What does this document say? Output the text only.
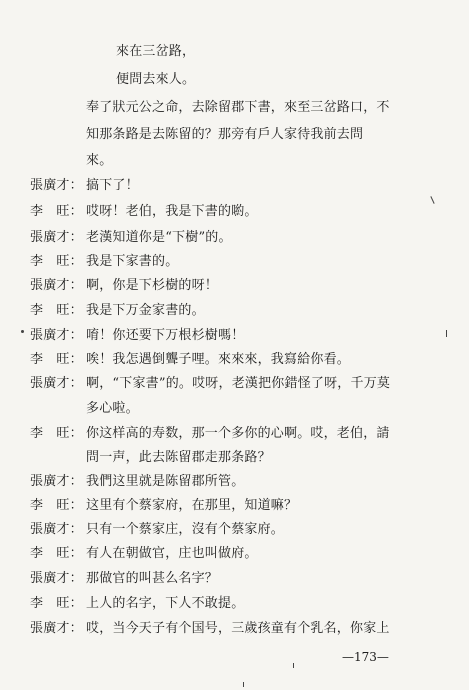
來在三岔路，
便問去來人。
奉了狀元公之命，去除留郡下書，來至三岔路口，不
知那条路是去陈留的？那旁有戶人家待我前去問
來。
張廣才： 搞下了！
李　旺： 哎呀！老伯，我是下書的喲。
張廣才： 老漢知道你是“下樹”的。
李　旺： 我是下家書的。
張廣才： 啊，你是下杉樹的呀！
李　旺： 我是下万金家書的。
張廣才： 唷！你还要下万根杉樹嗎！
李　旺： 唉！我怎遇倒聾子哩。來來來，我寫給你看。
張廣才： 啊，“下家書”的。哎呀，老漢把你錯怪了呀，千万莫
多心啦。
李　旺： 你这样高的寿数，那一个多你的心啊。哎，老伯，請
問一声，此去陈留郡走那条路？
張廣才： 我們这里就是陈留郡所管。
李　旺： 这里有个蔡家府，在那里，知道嘛？
張廣才： 只有一个蔡家庄，沒有个蔡家府。
李　旺： 有人在朝做官，庄也叫做府。
張廣才： 那做官的叫甚么名字？
李　旺： 上人的名字，下人不敢提。
張廣才： 哎，当今天子有个国号，三歲孩童有个乳名，你家上
—173—
